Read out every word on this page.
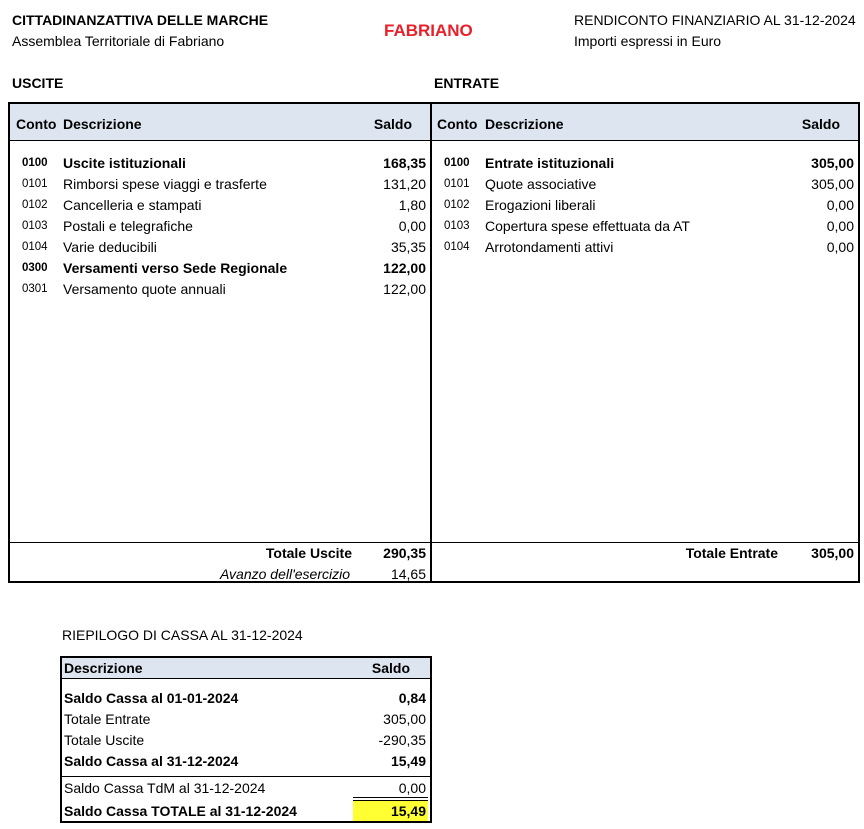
CITTADINANZATTIVA DELLE MARCHE
Assemblea Territoriale di Fabriano
FABRIANO
RENDICONTO FINANZIARIO AL 31-12-2024
Importi espressi in Euro
USCITE	ENTRATE
Conto Descrizione	Saldo
0100 Uscite istituzionali	168,35
0101 Rimborsi spese viaggi e trasferte	131,20
0102 Cancelleria e stampati	1,80
0103 Postali e telegrafiche	0,00
0104 Varie deducibili	35,35
0300 Versamenti verso Sede Regionale	122,00
0301 Versamento quote annuali	122,00
Totale Uscite 290,35
Avanzo dell'esercizio	14,65
Conto Descrizione	Saldo
0100 Entrate istituzionali	305,00
0101 Quote associative	305,00
0102 Erogazioni liberali	0,00
0103 Copertura spese effettuata da AT	0,00
0104 Arrotondamenti attivi	0,00
Totale Entrate 305,00
RIEPILOGO DI CASSA AL 31-12-2024
Descrizione	Saldo
Saldo Cassa al 01-01-2024	0,84
Totale Entrate	305,00
Totale Uscite	-290,35
Saldo Cassa al 31-12-2024	15,49
Saldo Cassa TdM al 31-12-2024	0,00
Saldo Cassa TOTALE al 31-12-2024	15,49
